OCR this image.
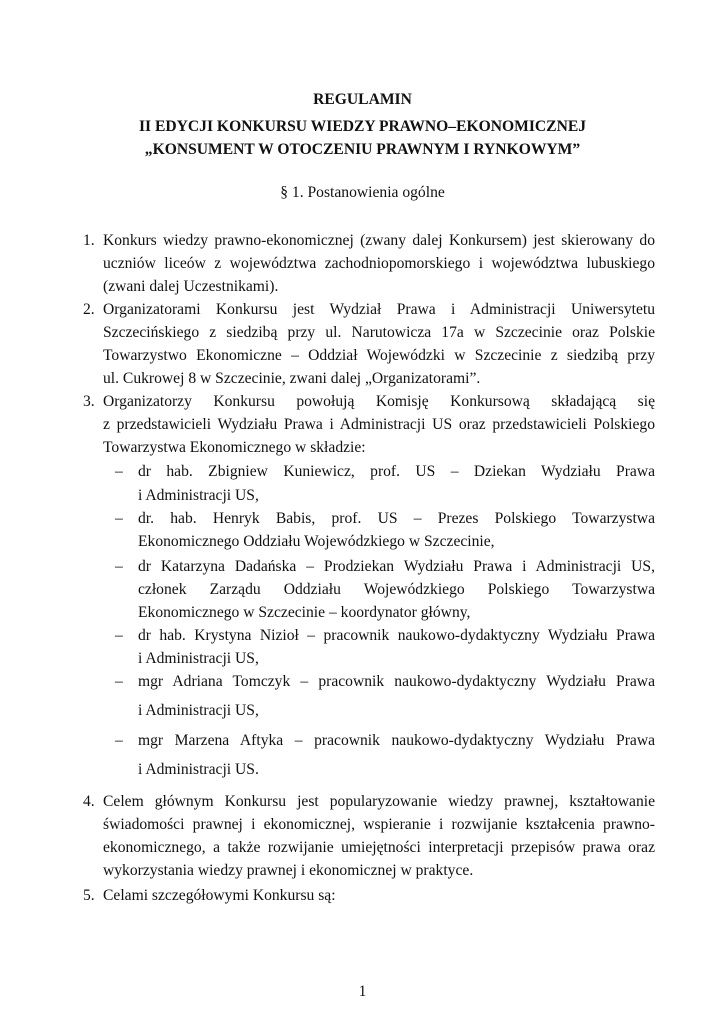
REGULAMIN
II EDYCJI KONKURSU WIEDZY PRAWNO–EKONOMICZNEJ
„KONSUMENT W OTOCZENIU PRAWNYM I RYNKOWYM”
§ 1. Postanowienia ogólne
1. Konkurs wiedzy prawno-ekonomicznej (zwany dalej Konkursem) jest skierowany do
uczniów liceów z województwa zachodniopomorskiego i województwa lubuskiego
(zwani dalej Uczestnikami).
2. Organizatorami Konkursu jest Wydział Prawa i Administracji Uniwersytetu
Szczecińskiego z siedzibą przy ul. Narutowicza 17a w Szczecinie oraz Polskie
Towarzystwo Ekonomiczne – Oddział Wojewódzki w Szczecinie z siedzibą przy
ul. Cukrowej 8 w Szczecinie, zwani dalej „Organizatorami”.
3. Organizatorzy Konkursu powołują Komisję Konkursową składającą się
z przedstawicieli Wydziału Prawa i Administracji US oraz przedstawicieli Polskiego
Towarzystwa Ekonomicznego w składzie:
4. Celem głównym Konkursu jest popularyzowanie wiedzy prawnej, kształtowanie
świadomości prawnej i ekonomicznej, wspieranie i rozwijanie kształcenia prawno-
ekonomicznego, a także rozwijanie umiejętności interpretacji przepisów prawa oraz
wykorzystania wiedzy prawnej i ekonomicznej w praktyce.
5. Celami szczegółowymi Konkursu są:
– dr hab. Zbigniew Kuniewicz, prof. US – Dziekan Wydziału Prawa
i Administracji US,
– dr. hab. Henryk Babis, prof. US – Prezes Polskiego Towarzystwa
Ekonomicznego Oddziału Wojewódzkiego w Szczecinie,
– dr Katarzyna Dadańska – Prodziekan Wydziału Prawa i Administracji US,
członek Zarządu Oddziału Wojewódzkiego Polskiego Towarzystwa
Ekonomicznego w Szczecinie – koordynator główny,
– dr hab. Krystyna Nizioł – pracownik naukowo-dydaktyczny Wydziału Prawa
i Administracji US,
– mgr Adriana Tomczyk – pracownik naukowo-dydaktyczny Wydziału Prawa
i Administracji US,
– mgr Marzena Aftyka – pracownik naukowo-dydaktyczny Wydziału Prawa
i Administracji US.
1
